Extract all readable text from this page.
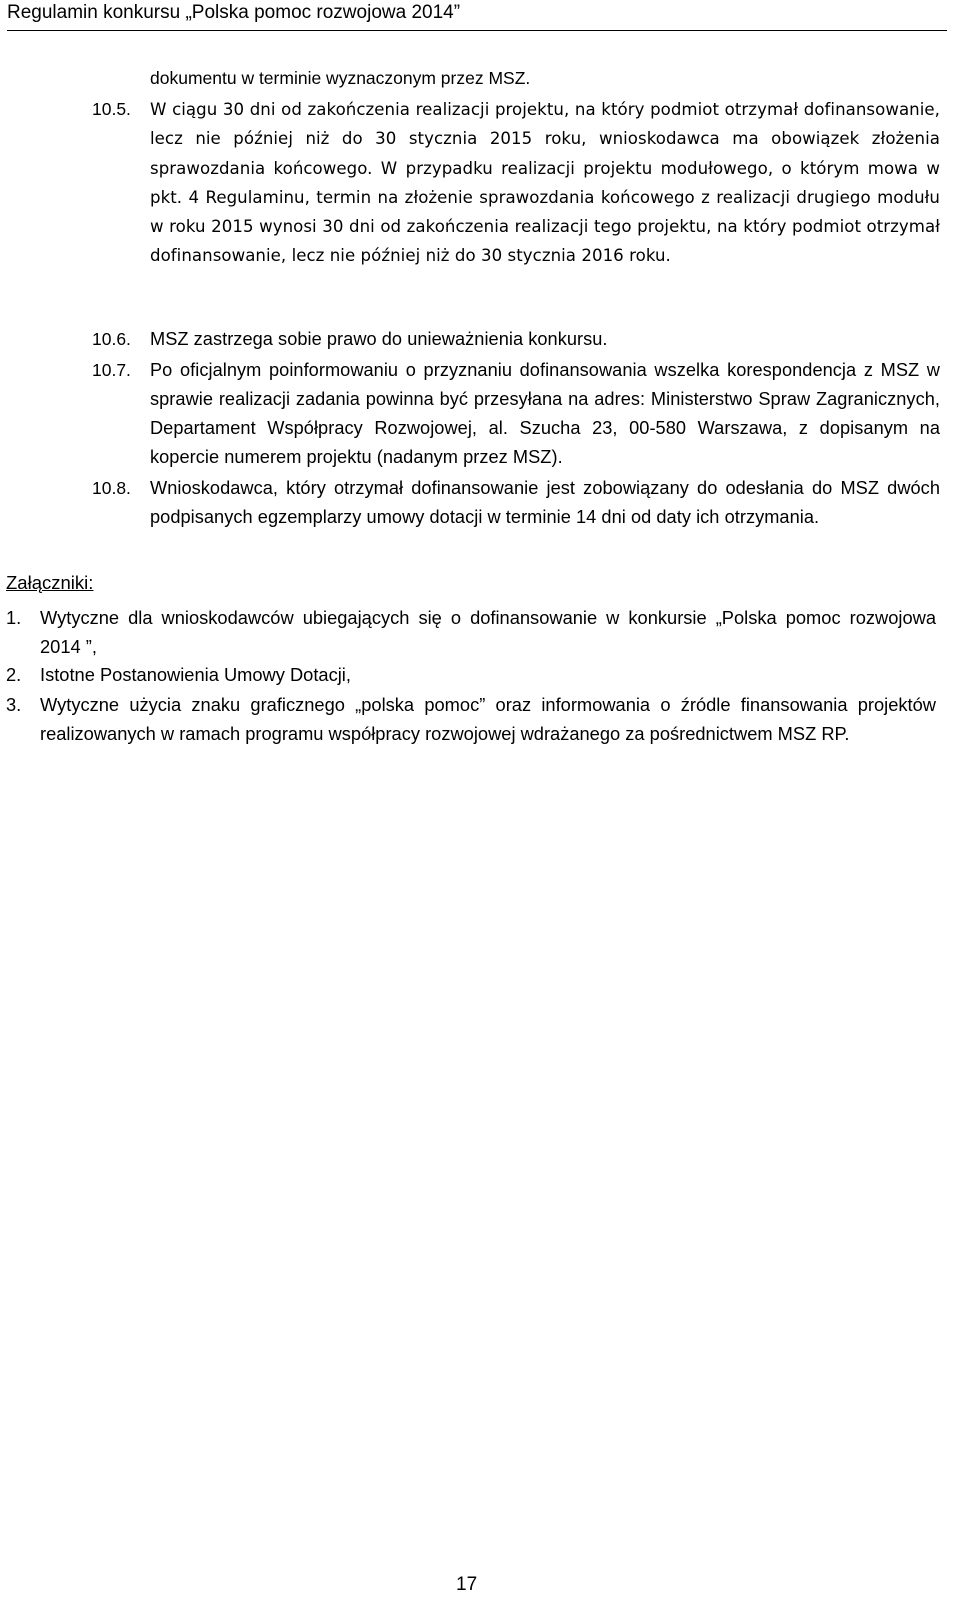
Regulamin konkursu „Polska pomoc rozwojowa 2014”
dokumentu w terminie wyznaczonym przez MSZ.
10.5.	W ciągu 30 dni od zakończenia realizacji projektu, na który podmiot otrzymał dofinansowanie, lecz nie później niż do 30 stycznia 2015 roku, wnioskodawca ma obowiązek złożenia sprawozdania końcowego. W przypadku realizacji projektu modułowego, o którym mowa w pkt. 4 Regulaminu, termin na złożenie sprawozdania końcowego z realizacji drugiego modułu w roku 2015 wynosi 30 dni od zakończenia realizacji tego projektu, na który podmiot otrzymał dofinansowanie, lecz nie później niż do 30 stycznia 2016 roku.
10.6.	MSZ zastrzega sobie prawo do unieważnienia konkursu.
10.7.	Po oficjalnym poinformowaniu o przyznaniu dofinansowania wszelka korespondencja z MSZ w sprawie realizacji zadania powinna być przesyłana na adres: Ministerstwo Spraw Zagranicznych, Departament Współpracy Rozwojowej, al. Szucha 23, 00-580 Warszawa, z dopisanym na kopercie numerem projektu (nadanym przez MSZ).
10.8.	Wnioskodawca, który otrzymał dofinansowanie jest zobowiązany do odesłania do MSZ dwóch podpisanych egzemplarzy umowy dotacji w terminie 14 dni od daty ich otrzymania.
Załączniki:
1.	Wytyczne dla wnioskodawców ubiegających się o dofinansowanie w konkursie „Polska pomoc rozwojowa 2014 ”,
2.	Istotne Postanowienia Umowy Dotacji,
3.	Wytyczne użycia znaku graficznego „polska pomoc” oraz informowania o źródle finansowania projektów realizowanych w ramach programu współpracy rozwojowej wdrażanego za pośrednictwem MSZ RP.
17
